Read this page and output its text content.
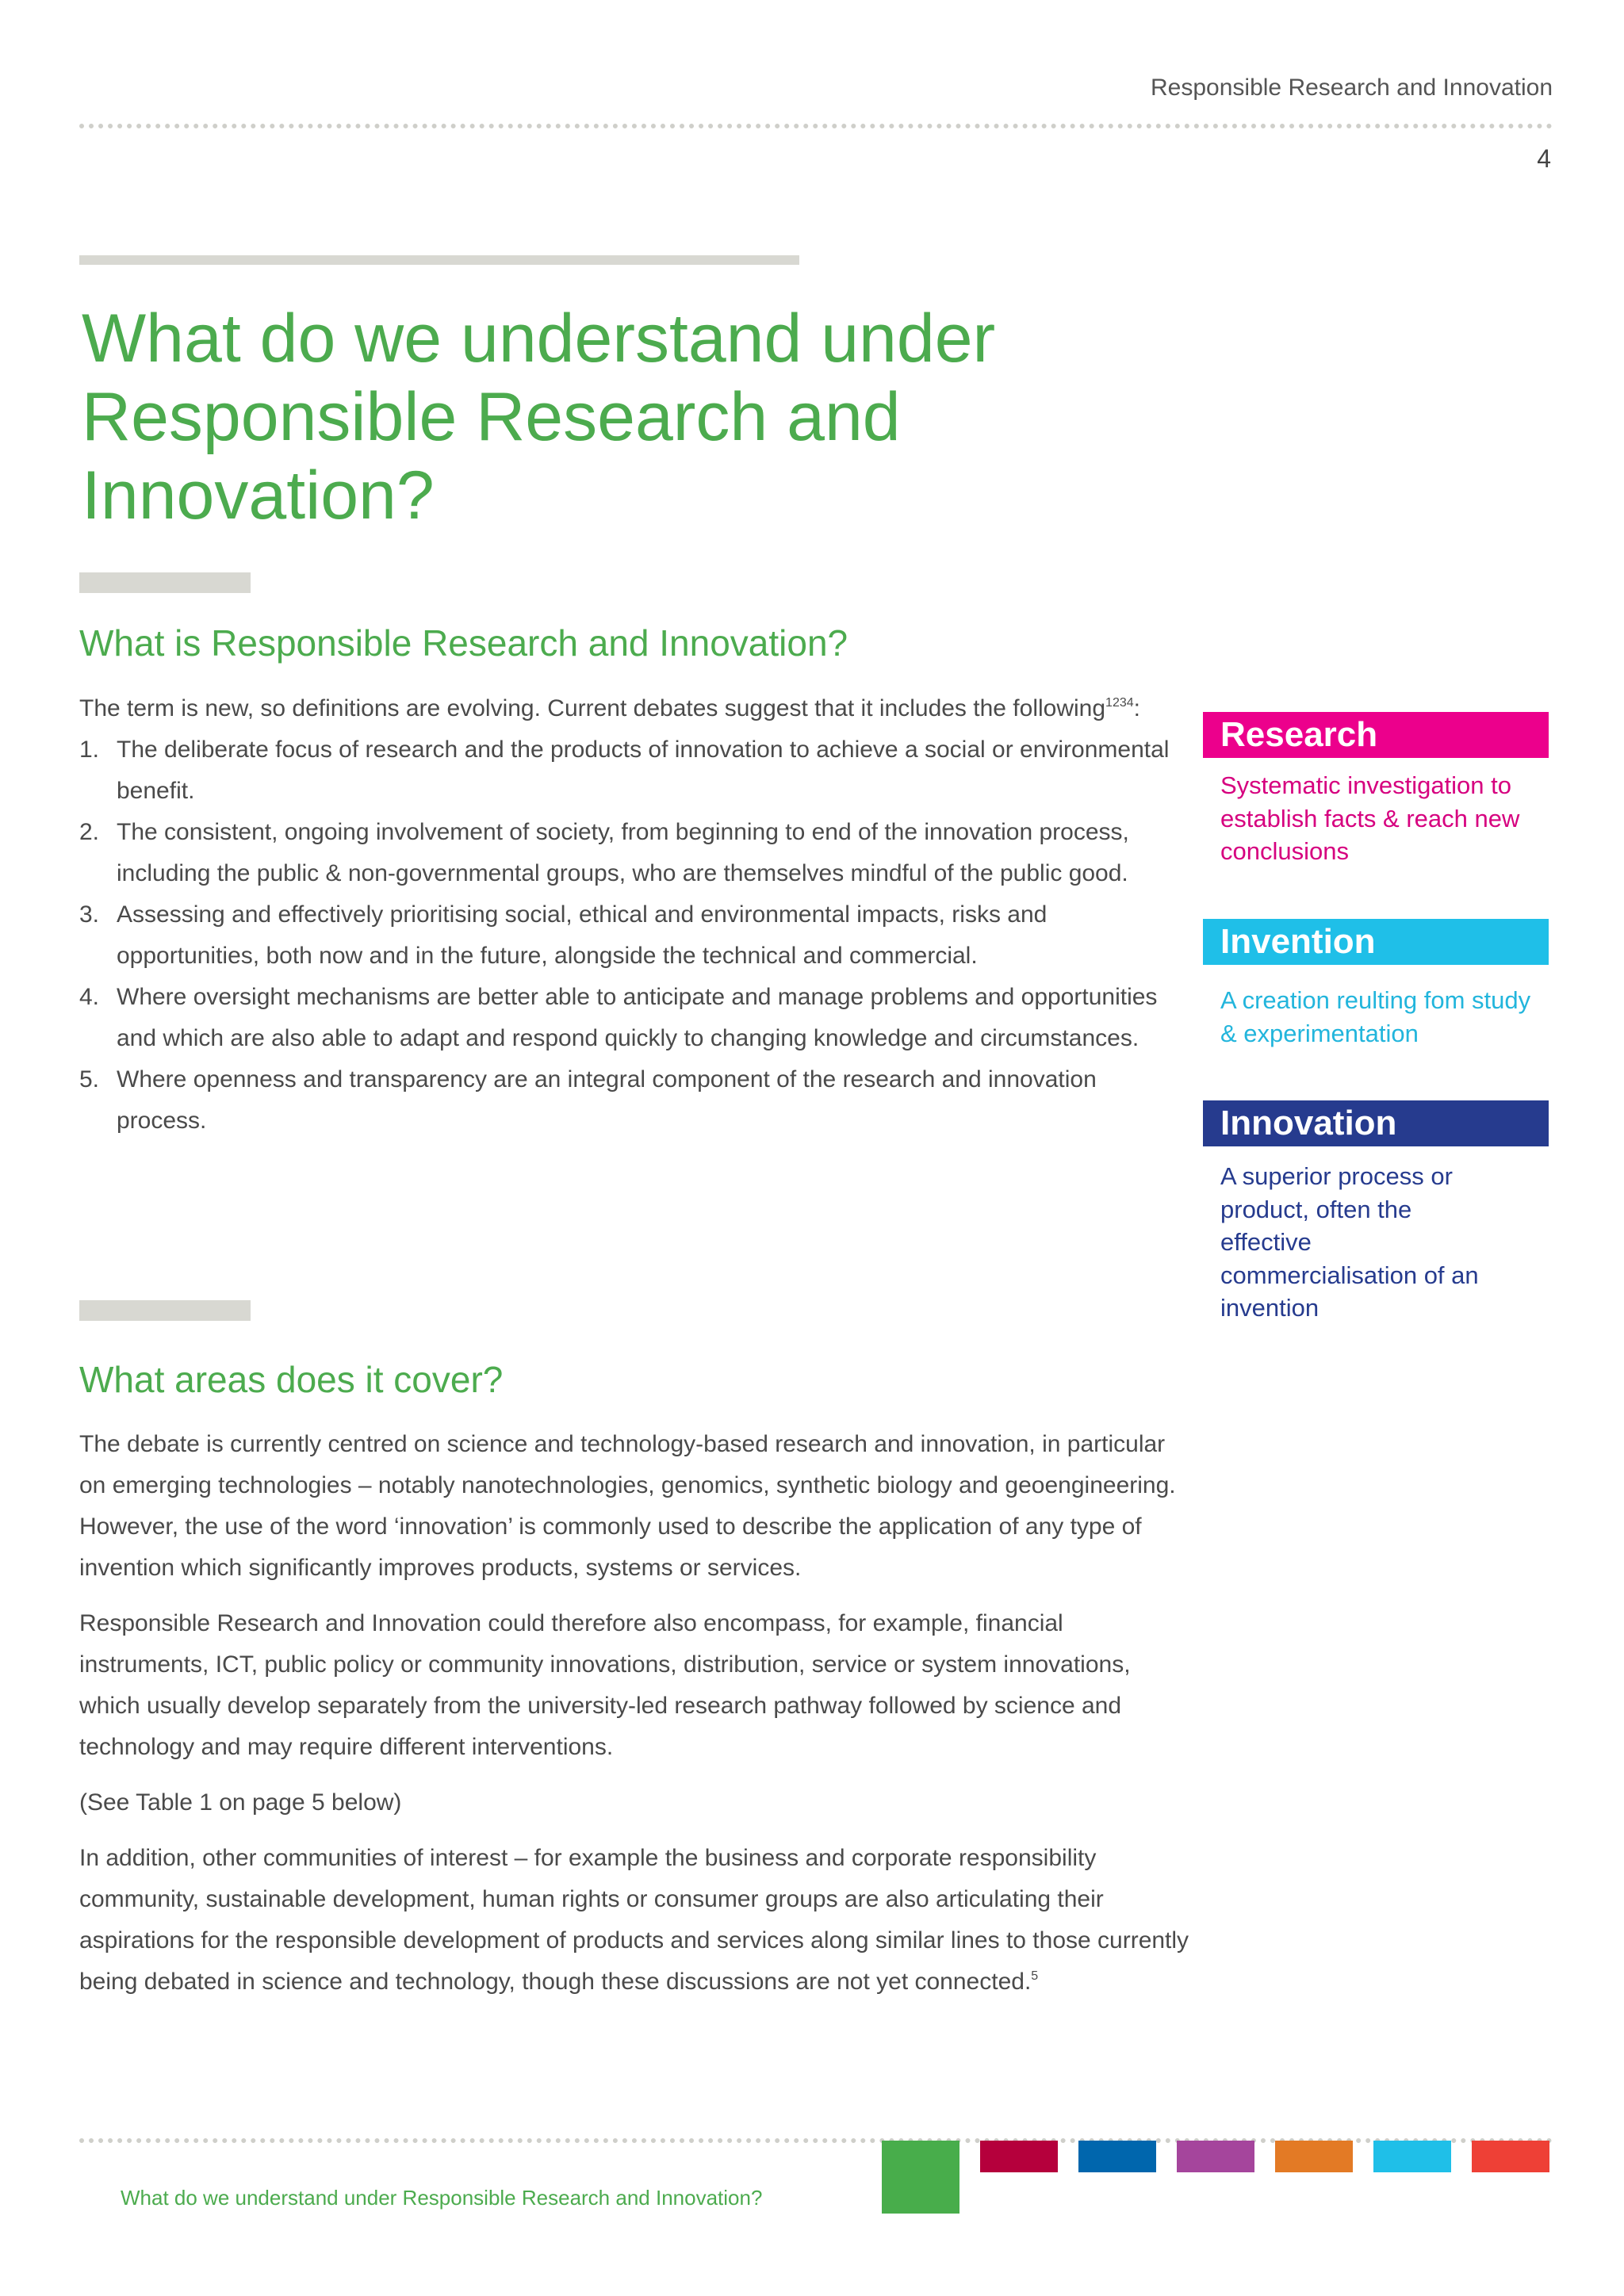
Responsible Research and Innovation
4
What do we understand under Responsible Research and Innovation?
What is Responsible Research and Innovation?

The term is new, so definitions are evolving. Current debates suggest that it includes the following$^{1234}$:

1. The deliberate focus of research and the products of innovation to achieve a social or environmental benefit.
2. The consistent, ongoing involvement of society, from beginning to end of the innovation process, including the public & non-governmental groups, who are themselves mindful of the public good.
3. Assessing and effectively prioritising social, ethical and environmental impacts, risks and opportunities, both now and in the future, alongside the technical and commercial.
4. Where oversight mechanisms are better able to anticipate and manage problems and opportunities and which are also able to adapt and respond quickly to changing knowledge and circumstances.
5. Where openness and transparency are an integral component of the research and innovation process.
What areas does it cover?

The debate is currently centred on science and technology-based research and innovation, in particular on emerging technologies – notably nanotechnologies, genomics, synthetic biology and geoengineering. However, the use of the word ‘innovation’ is commonly used to describe the application of any type of invention which significantly improves products, systems or services.

Responsible Research and Innovation could therefore also encompass, for example, financial instruments, ICT, public policy or community innovations, distribution, service or system innovations, which usually develop separately from the university-led research pathway followed by science and technology and may require different interventions.

(See Table 1 on page 5 below)

In addition, other communities of interest – for example the business and corporate responsibility community, sustainable development, human rights or consumer groups are also articulating their aspirations for the responsible development of products and services along similar lines to those currently being debated in science and technology, though these discussions are not yet connected.$^5$

Research
Systematic investigation to establish facts & reach new conclusions
Invention
A creation reulting fom study & experimentation
Innovation
A superior process or product, often the effective commercialisation of an invention
What do we understand under Responsible Research and Innovation?
